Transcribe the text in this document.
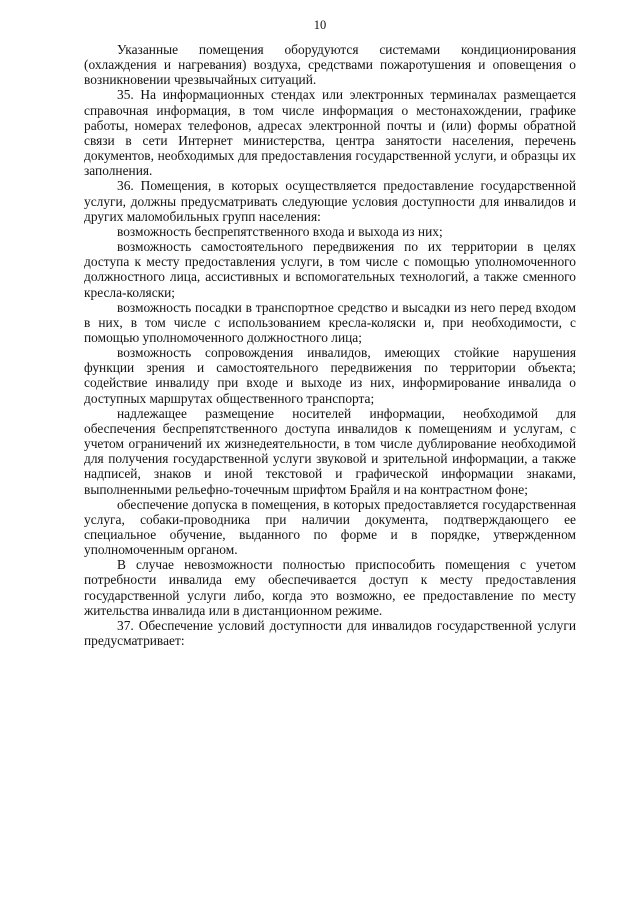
10

Указанные помещения оборудуются системами кондиционирования (охлаждения и нагревания) воздуха, средствами пожаротушения и оповещения о возникновении чрезвычайных ситуаций.

35. На информационных стендах или электронных терминалах размещается справочная информация, в том числе информация о местонахождении, графике работы, номерах телефонов, адресах электронной почты и (или) формы обратной связи в сети Интернет министерства, центра занятости населения, перечень документов, необходимых для предоставления государственной услуги, и образцы их заполнения.

36. Помещения, в которых осуществляется предоставление государственной услуги, должны предусматривать следующие условия доступности для инвалидов и других маломобильных групп населения:

возможность беспрепятственного входа и выхода из них;

возможность самостоятельного передвижения по их территории в целях доступа к месту предоставления услуги, в том числе с помощью уполномоченного должностного лица, ассистивных и вспомогательных технологий, а также сменного кресла-коляски;

возможность посадки в транспортное средство и высадки из него перед входом в них, в том числе с использованием кресла-коляски и, при необходимости, с помощью уполномоченного должностного лица;

возможность сопровождения инвалидов, имеющих стойкие нарушения функции зрения и самостоятельного передвижения по территории объекта; содействие инвалиду при входе и выходе из них, информирование инвалида о доступных маршрутах общественного транспорта;

надлежащее размещение носителей информации, необходимой для обеспечения беспрепятственного доступа инвалидов к помещениям и услугам, с учетом ограничений их жизнедеятельности, в том числе дублирование необходимой для получения государственной услуги звуковой и зрительной информации, а также надписей, знаков и иной текстовой и графической информации знаками, выполненными рельефно-точечным шрифтом Брайля и на контрастном фоне;

обеспечение допуска в помещения, в которых предоставляется государственная услуга, собаки-проводника при наличии документа, подтверждающего ее специальное обучение, выданного по форме и в порядке, утвержденном уполномоченным органом.

В случае невозможности полностью приспособить помещения с учетом потребности инвалида ему обеспечивается доступ к месту предоставления государственной услуги либо, когда это возможно, ее предоставление по месту жительства инвалида или в дистанционном режиме.

37. Обеспечение условий доступности для инвалидов государственной услуги предусматривает:
